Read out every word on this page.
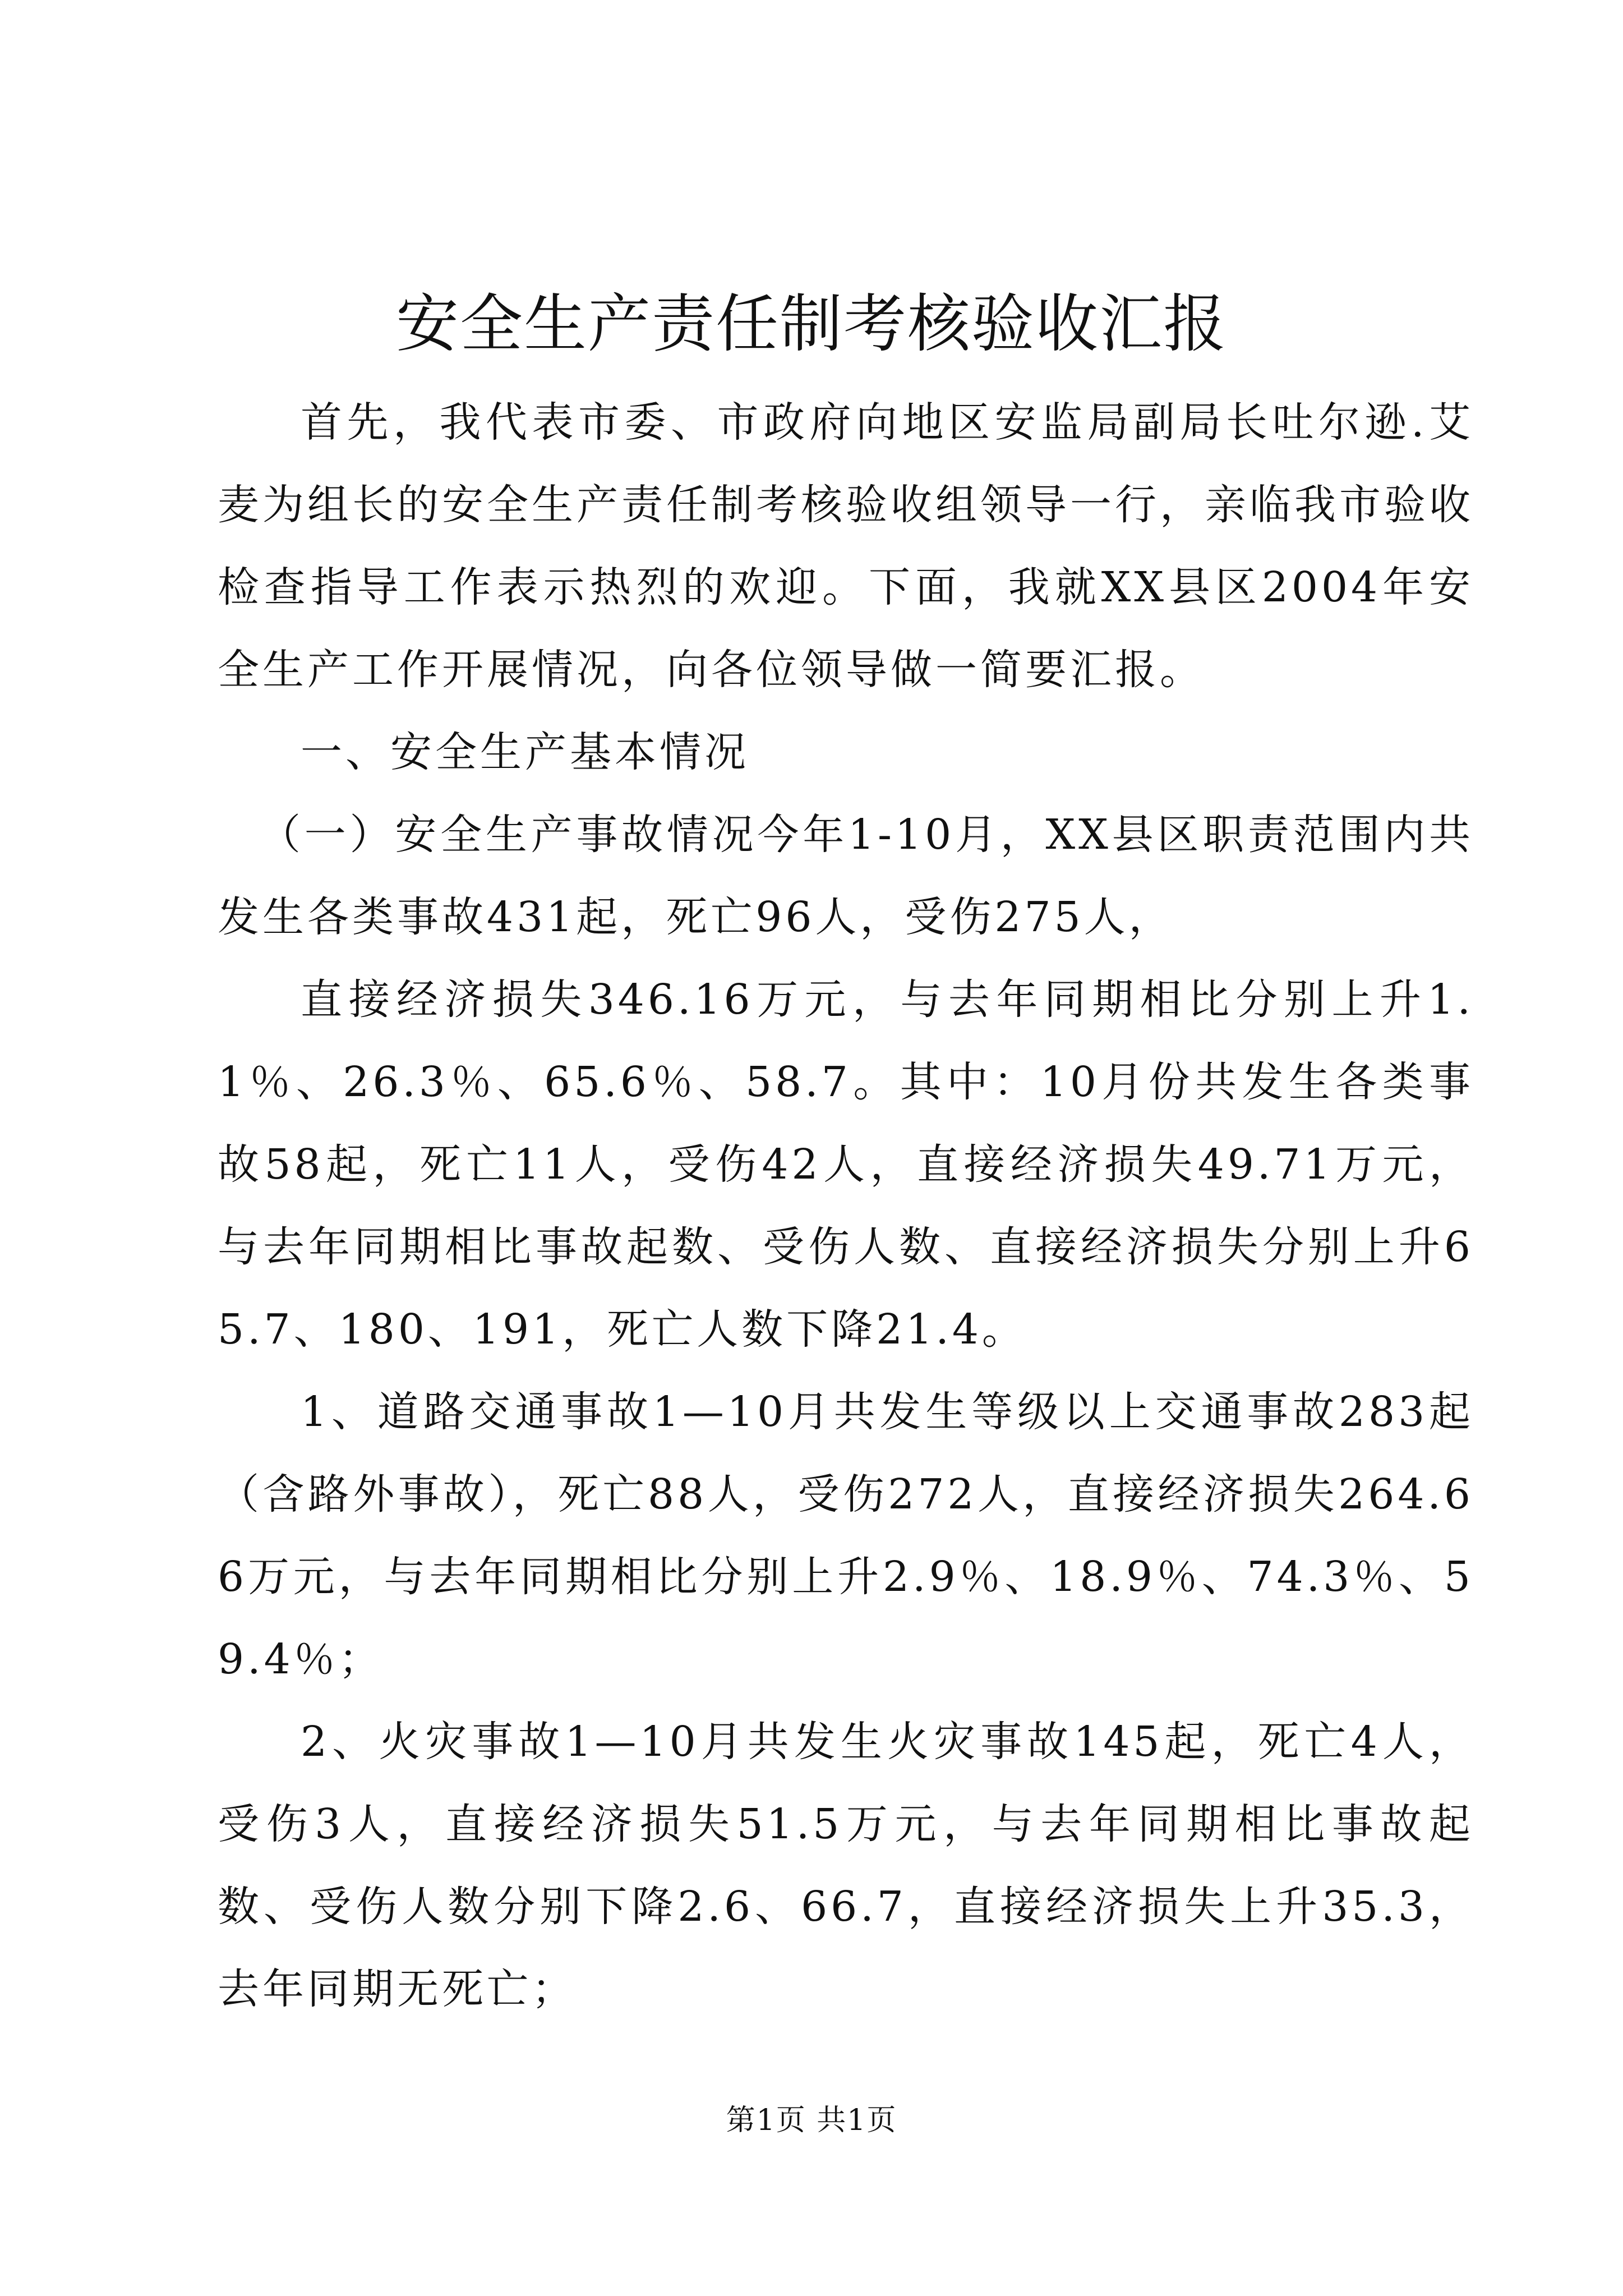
安全生产责任制考核验收汇报

首先，我代表市委、市政府向地区安监局副局长吐尔逊.艾麦为组长的安全生产责任制考核验收组领导一行，亲临我市验收检查指导工作表示热烈的欢迎。下面，我就XX县区2004年安全生产工作开展情况，向各位领导做一简要汇报。

一、安全生产基本情况

（一）安全生产事故情况今年1-10月，XX县区职责范围内共发生各类事故431起，死亡96人，受伤275人，

直接经济损失346.16万元，与去年同期相比分别上升1.1％、26.3％、65.6％、58.7。其中：10月份共发生各类事故58起，死亡11人，受伤42人，直接经济损失49.71万元，与去年同期相比事故起数、受伤人数、直接经济损失分别上升65.7、180、191，死亡人数下降21.4。

1、道路交通事故1—10月共发生等级以上交通事故283起（含路外事故），死亡88人，受伤272人，直接经济损失264.66万元，与去年同期相比分别上升2.9％、18.9％、74.3％、59.4％；

2、火灾事故1—10月共发生火灾事故145起，死亡4人，受伤3人，直接经济损失51.5万元，与去年同期相比事故起数、受伤人数分别下降2.6、66.7，直接经济损失上升35.3，去年同期无死亡；

第1页 共1页
